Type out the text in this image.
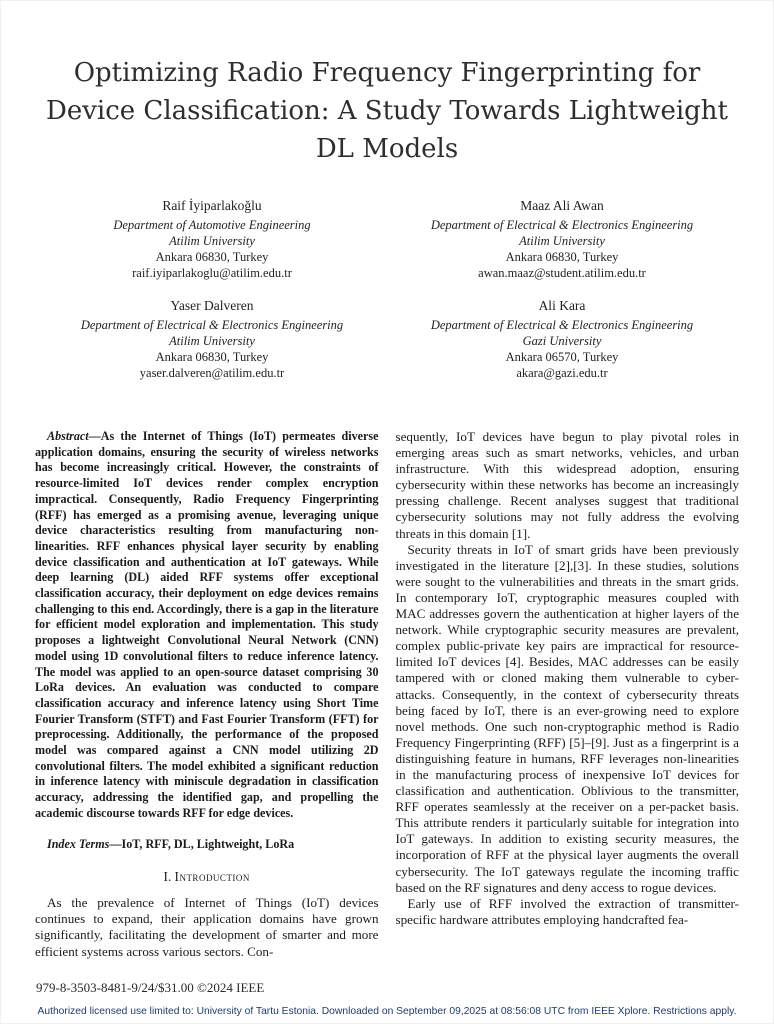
Optimizing Radio Frequency Fingerprinting for
Device Classification: A Study Towards Lightweight
DL Models
Raif İyiparlakoğlu
Department of Automotive Engineering
Atilim University
Ankara 06830, Turkey
raif.iyiparlakoglu@atilim.edu.tr
Maaz Ali Awan
Department of Electrical & Electronics Engineering
Atilim University
Ankara 06830, Turkey
awan.maaz@student.atilim.edu.tr
Yaser Dalveren
Department of Electrical & Electronics Engineering
Atilim University
Ankara 06830, Turkey
yaser.dalveren@atilim.edu.tr
Ali Kara
Department of Electrical & Electronics Engineering
Gazi University
Ankara 06570, Turkey
akara@gazi.edu.tr

Abstract—As the Internet of Things (IoT) permeates diverse application domains, ensuring the security of wireless networks has become increasingly critical. However, the constraints of resource-limited IoT devices render complex encryption impractical. Consequently, Radio Frequency Fingerprinting (RFF) has emerged as a promising avenue, leveraging unique device characteristics resulting from manufacturing non-linearities. RFF enhances physical layer security by enabling device classification and authentication at IoT gateways. While deep learning (DL) aided RFF systems offer exceptional classification accuracy, their deployment on edge devices remains challenging to this end. Accordingly, there is a gap in the literature for efficient model exploration and implementation. This study proposes a lightweight Convolutional Neural Network (CNN) model using 1D convolutional filters to reduce inference latency. The model was applied to an open-source dataset comprising 30 LoRa devices. An evaluation was conducted to compare classification accuracy and inference latency using Short Time Fourier Transform (STFT) and Fast Fourier Transform (FFT) for preprocessing. Additionally, the performance of the proposed model was compared against a CNN model utilizing 2D convolutional filters. The model exhibited a significant reduction in inference latency with miniscule degradation in classification accuracy, addressing the identified gap, and propelling the academic discourse towards RFF for edge devices.

Index Terms—IoT, RFF, DL, Lightweight, LoRa

I. Introduction

As the prevalence of Internet of Things (IoT) devices continues to expand, their application domains have grown significantly, facilitating the development of smarter and more efficient systems across various sectors. Con-

sequently, IoT devices have begun to play pivotal roles in emerging areas such as smart networks, vehicles, and urban infrastructure. With this widespread adoption, ensuring cybersecurity within these networks has become an increasingly pressing challenge. Recent analyses suggest that traditional cybersecurity solutions may not fully address the evolving threats in this domain [1].

Security threats in IoT of smart grids have been previously investigated in the literature [2],[3]. In these studies, solutions were sought to the vulnerabilities and threats in the smart grids. In contemporary IoT, cryptographic measures coupled with MAC addresses govern the authentication at higher layers of the network. While cryptographic security measures are prevalent, complex public-private key pairs are impractical for resource-limited IoT devices [4]. Besides, MAC addresses can be easily tampered with or cloned making them vulnerable to cyber-attacks. Consequently, in the context of cybersecurity threats being faced by IoT, there is an ever-growing need to explore novel methods. One such non-cryptographic method is Radio Frequency Fingerprinting (RFF) [5]–[9]. Just as a fingerprint is a distinguishing feature in humans, RFF leverages non-linearities in the manufacturing process of inexpensive IoT devices for classification and authentication. Oblivious to the transmitter, RFF operates seamlessly at the receiver on a per-packet basis. This attribute renders it particularly suitable for integration into IoT gateways. In addition to existing security measures, the incorporation of RFF at the physical layer augments the overall cybersecurity. The IoT gateways regulate the incoming traffic based on the RF signatures and deny access to rogue devices.

Early use of RFF involved the extraction of transmitter-specific hardware attributes employing handcrafted fea-

979-8-3503-8481-9/24/$31.00 ©2024 IEEE
Authorized licensed use limited to: University of Tartu Estonia. Downloaded on September 09,2025 at 08:56:08 UTC from IEEE Xplore. Restrictions apply.
